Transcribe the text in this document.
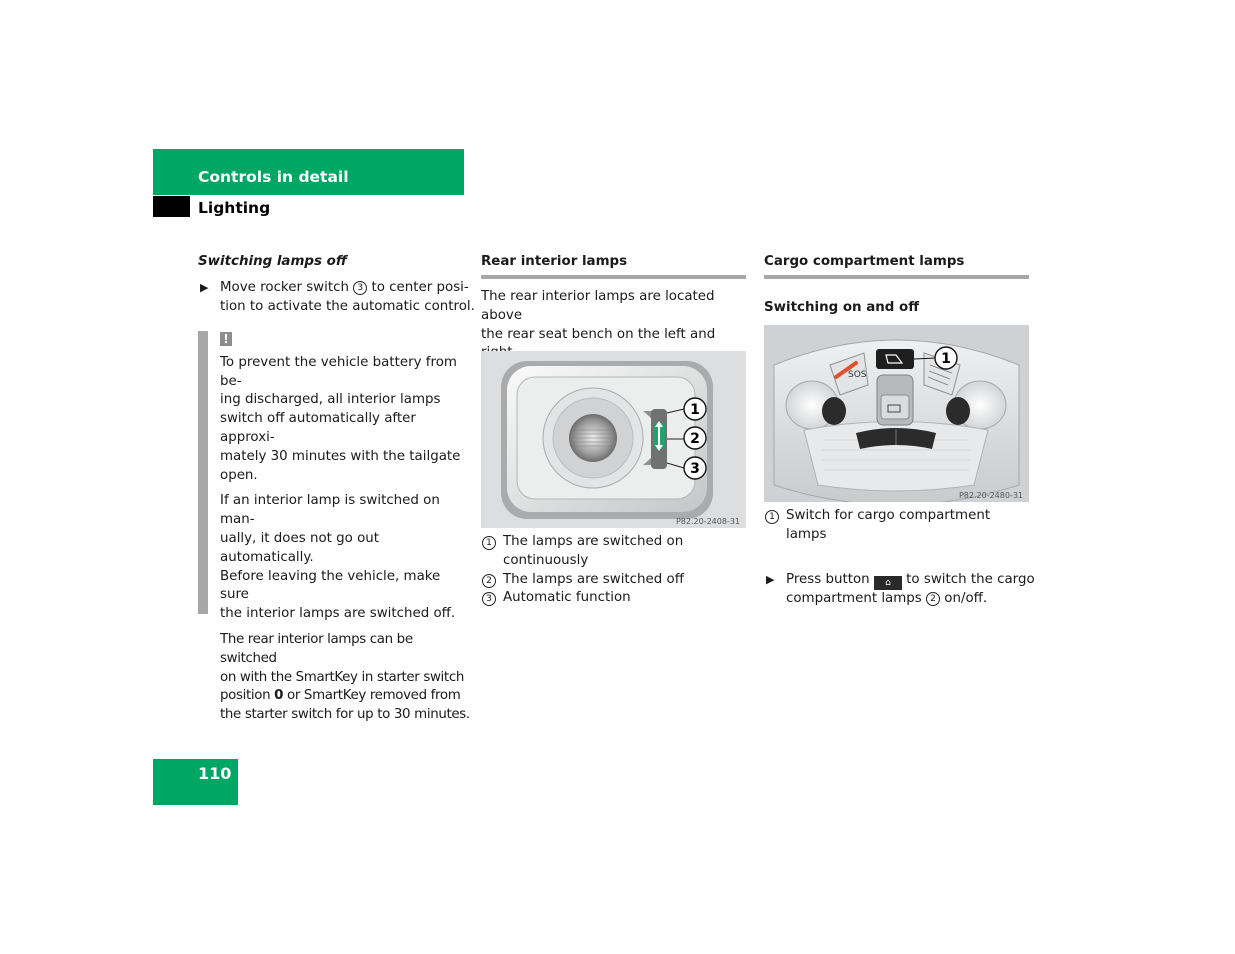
Controls in detail
Lighting
Switching lamps off
▶ Move rocker switch 3 to center posi-
tion to activate the automatic control.
!
To prevent the vehicle battery from be-
ing discharged, all interior lamps
switch off automatically after approxi-
mately 30 minutes with the tailgate
open.
If an interior lamp is switched on man-
ually, it does not go out automatically.
Before leaving the vehicle, make sure
the interior lamps are switched off.
The rear interior lamps can be switched
on with the SmartKey in starter switch
position 0 or SmartKey removed from
the starter switch for up to 30 minutes.
Rear interior lamps
The rear interior lamps are located above
the rear seat bench on the left and
1
2
3
P82.20-2408-31
1 The lamps are switched on
continuously
2 The lamps are switched off
3 Automatic function
Cargo compartment lamps
Switching on and off
SOS
1
P82.20-2480-31
1 Switch for cargo compartment lamps
▶ Press button ⌂ to switch the cargo
compartment lamps 2 on/off.
110
